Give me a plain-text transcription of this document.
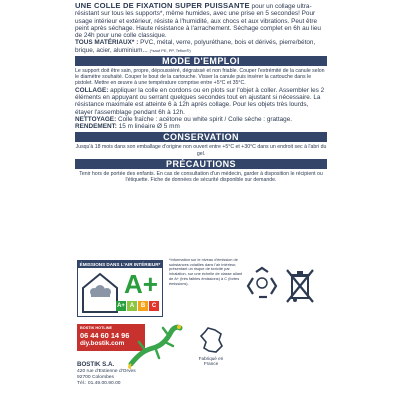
UNE COLLE DE FIXATION SUPER PUISSANTE pour un collage ultra-résistant sur tous les supports*, même humides, avec une prise en 5 secondes! Pour usage intérieur et extérieur, résiste à l'humidité, aux chocs et aux vibrations. Peut être peint après séchage. Haute résistance à l'arrachement. Séchage complet en 6h au lieu de 24h pour une colle classique.
TOUS MATÉRIAUX* : PVC, métal, verre, polyuréthane, bois et dérivés, pierre/béton, brique, acier, aluminium... (*sauf PE, PP, Teflon®)

MODE D'EMPLOI

Le support doit être sain, propre, dépoussiéré, dégraissé et non friable. Couper l'extrémité de la canule selon le diamètre souhaité. Couper le bout de la cartouche. Visser la canule puis insérer la cartouche dans le pistolet. Mettre en œuvre à une température comprise entre +5°C et 35°C.

COLLAGE: appliquer la colle en cordons ou en plots sur l'objet à coller. Assembler les 2 éléments en appuyant ou serrant quelques secondes tout en ajustant si nécessaire. La résistance maximale est atteinte 6 à 12h après collage. Pour les objets très lourds, étayer l'assemblage pendant 6h à 12h.

NETTOYAGE: Colle fraîche : acétone ou white spirit / Colle sèche : grattage.

RENDEMENT: 15 m linéaire Ø 5 mm

CONSERVATION

Jusqu'à 18 mois dans son emballage d'origine non ouvert entre +5°C et +30°C dans un endroit sec à l'abri du gel.

PRÉCAUTIONS

Tenir hors de portée des enfants. En cas de consultation d'un médecin, garder à disposition le récipient ou l'étiquette. Fiche de données de sécurité disponible sur demande.

ÉMISSIONS DANS L'AIR INTÉRIEUR*
A+
A+ A	B	C
*Information sur le niveau d'émission de substances volatiles dans l'air intérieur, présentant un risque de toxicité par inhalation, sur une échelle de classe allant de A+ (très faibles émissions) à C (fortes émissions).
BOSTIK HOTLINE
06 44 60 14 96
diy.bostik.com
Fabriqué en France
BOSTIK S.A.
420 rue d'Estienne d'Orves
92700 Colombes
Tél.: 01.49.00.90.00
